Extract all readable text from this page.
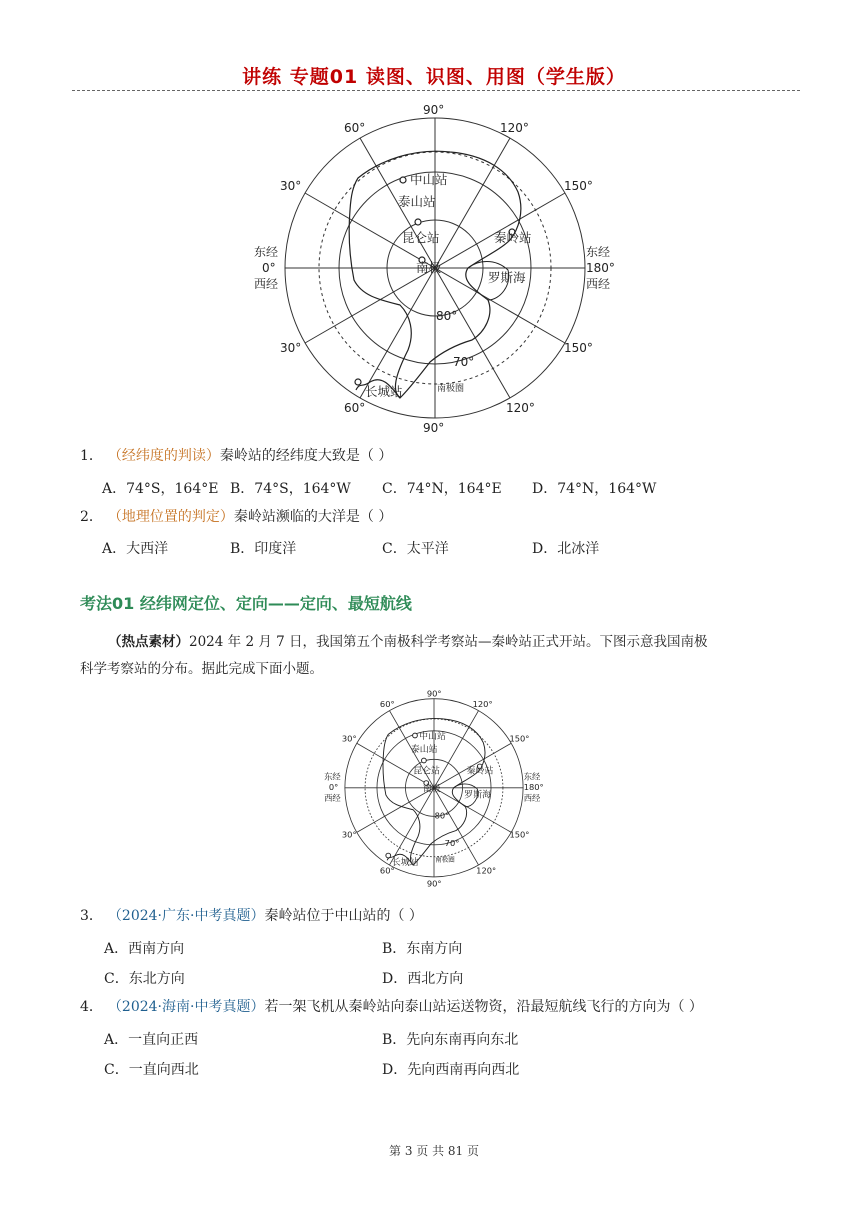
讲练 专题01 读图、识图、用图（学生版）
90°
60°	120°
30°	150°
30°	150°
60°	120°
90°
东经
0°
西经
东经
180°
西经
80°
70°
中山站
泰山站
昆仑站	秦岭站
长城站
南极
罗斯海
南极圈
1． （经纬度的判读）秦岭站的经纬度大致是（ ）
A．74°S，164°E B．74°S，164°W C．74°N，164°E D．74°N，164°W
2． （地理位置的判定）秦岭站濒临的大洋是（ ）
A．大西洋	B．印度洋	C．太平洋	D．北冰洋
考法01 经纬网定位、定向——定向、最短航线
（热点素材）2024 年 2 月 7 日，我国第五个南极科学考察站—秦岭站正式开站。下图示意我国南极
科学考察站的分布。据此完成下面小题。
90°
60°	120°
30°	150°
30°	150°
60°	120°
90°
东经
0°
西经
东经
180°
西经
80°
70°
中山站
泰山站
昆仑站 秦岭站
长城站
南极
罗斯海
南极圈
3． （2024·广东·中考真题）秦岭站位于中山站的（ ）
A．西南方向	B．东南方向
C．东北方向	D．西北方向
4． （2024·海南·中考真题）若一架飞机从秦岭站向泰山站运送物资，沿最短航线飞行的方向为（ ）
A．一直向正西	B．先向东南再向东北
C．一直向西北	D．先向西南再向西北
第 3 页 共 81 页
